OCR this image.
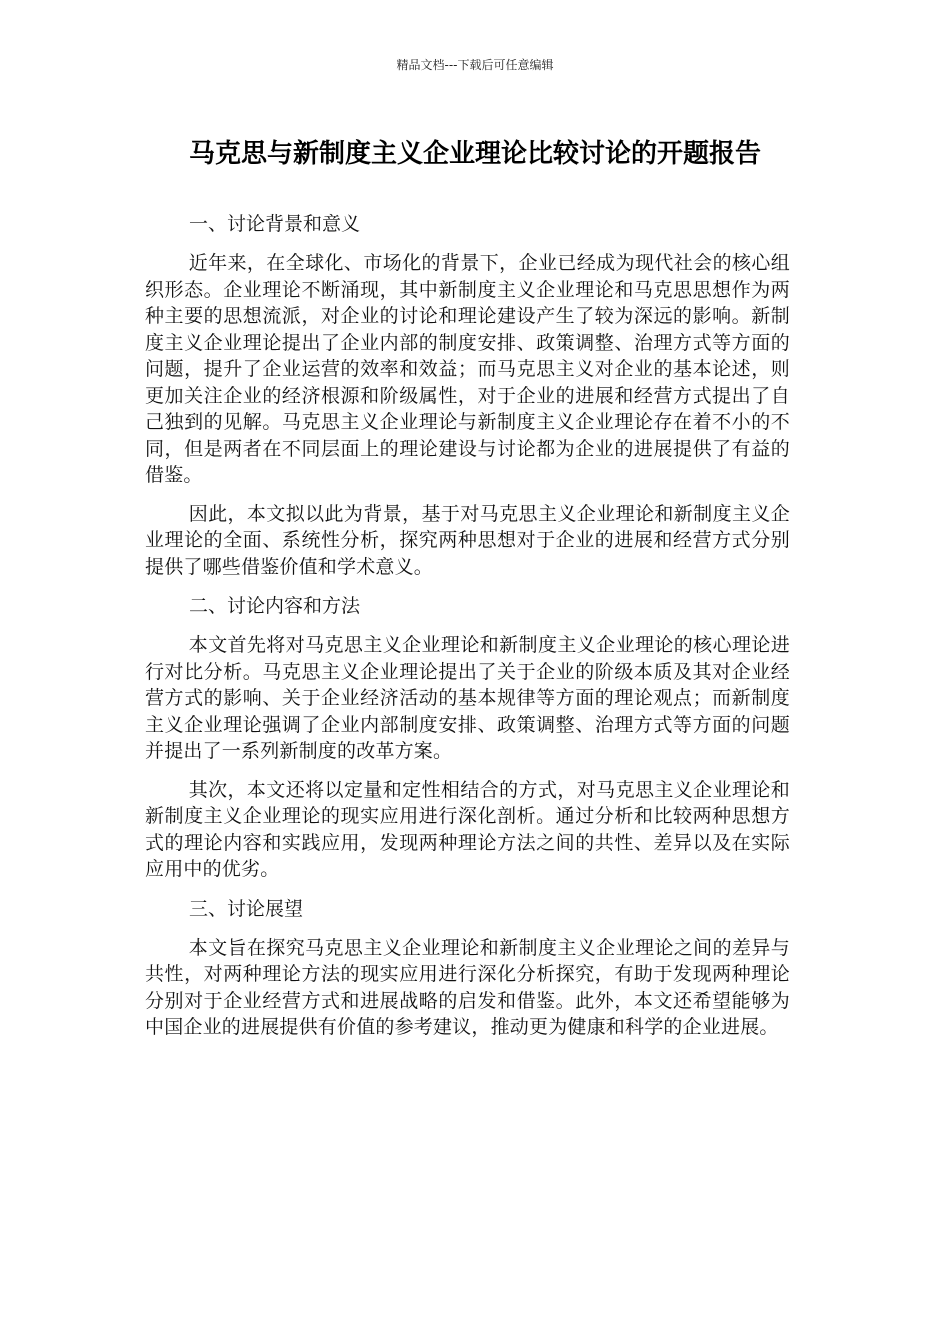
精品文档---下载后可任意编辑
马克思与新制度主义企业理论比较讨论的开题报告
一、讨论背景和意义

近年来，在全球化、市场化的背景下，企业已经成为现代社会的核心组织形态。企业理论不断涌现，其中新制度主义企业理论和马克思思想作为两种主要的思想流派，对企业的讨论和理论建设产生了较为深远的影响。新制度主义企业理论提出了企业内部的制度安排、政策调整、治理方式等方面的问题，提升了企业运营的效率和效益；而马克思主义对企业的基本论述，则更加关注企业的经济根源和阶级属性，对于企业的进展和经营方式提出了自己独到的见解。马克思主义企业理论与新制度主义企业理论存在着不小的不同，但是两者在不同层面上的理论建设与讨论都为企业的进展提供了有益的借鉴。

因此，本文拟以此为背景，基于对马克思主义企业理论和新制度主义企业理论的全面、系统性分析，探究两种思想对于企业的进展和经营方式分别提供了哪些借鉴价值和学术意义。

二、讨论内容和方法

本文首先将对马克思主义企业理论和新制度主义企业理论的核心理论进行对比分析。马克思主义企业理论提出了关于企业的阶级本质及其对企业经营方式的影响、关于企业经济活动的基本规律等方面的理论观点；而新制度主义企业理论强调了企业内部制度安排、政策调整、治理方式等方面的问题并提出了一系列新制度的改革方案。

其次，本文还将以定量和定性相结合的方式，对马克思主义企业理论和新制度主义企业理论的现实应用进行深化剖析。通过分析和比较两种思想方式的理论内容和实践应用，发现两种理论方法之间的共性、差异以及在实际应用中的优劣。

三、讨论展望

本文旨在探究马克思主义企业理论和新制度主义企业理论之间的差异与共性，对两种理论方法的现实应用进行深化分析探究，有助于发现两种理论分别对于企业经营方式和进展战略的启发和借鉴。此外，本文还希望能够为中国企业的进展提供有价值的参考建议，推动更为健康和科学的企业进展。
